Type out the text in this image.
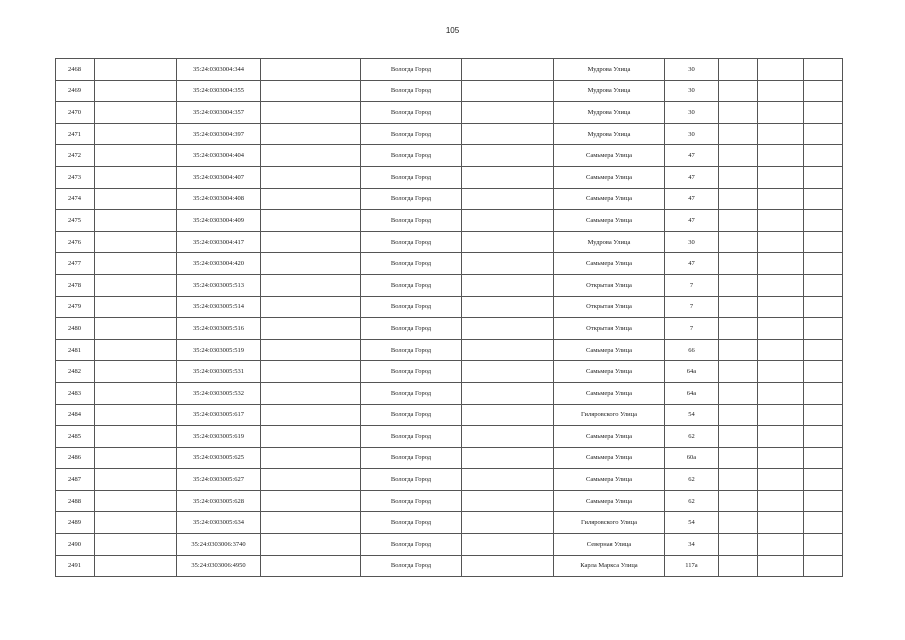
105
2468		35:24:0303004:344		Вологда Город		Мудрова Улица	30			
2469		35:24:0303004:355		Вологда Город		Мудрова Улица	30			
2470		35:24:0303004:357		Вологда Город		Мудрова Улица	30			
2471		35:24:0303004:397		Вологда Город		Мудрова Улица	30			
2472		35:24:0303004:404		Вологда Город		Самьмера Улица	47			
2473		35:24:0303004:407		Вологда Город		Самьмера Улица	47			
2474		35:24:0303004:408		Вологда Город		Самьмера Улица	47			
2475		35:24:0303004:409		Вологда Город		Самьмера Улица	47			
2476		35:24:0303004:417		Вологда Город		Мудрова Улица	30			
2477		35:24:0303004:420		Вологда Город		Самьмера Улица	47			
2478		35:24:0303005:513		Вологда Город		Открытая Улица	7			
2479		35:24:0303005:514		Вологда Город		Открытая Улица	7			
2480		35:24:0303005:516		Вологда Город		Открытая Улица	7			
2481		35:24:0303005:519		Вологда Город		Самьмера Улица	66			
2482		35:24:0303005:531		Вологда Город		Самьмера Улица	64а			
2483		35:24:0303005:532		Вологда Город		Самьмера Улица	64а			
2484		35:24:0303005:617		Вологда Город		Гиляровского Улица	54			
2485		35:24:0303005:619		Вологда Город		Самьмера Улица	62			
2486		35:24:0303005:625		Вологда Город		Самьмера Улица	60а			
2487		35:24:0303005:627		Вологда Город		Самьмера Улица	62			
2488		35:24:0303005:628		Вологда Город		Самьмера Улица	62			
2489		35:24:0303005:634		Вологда Город		Гиляровского Улица	54			
2490		35:24:0303006:3740		Вологда Город		Северная Улица	34			
2491		35:24:0303006:4950		Вологда Город		Карла Маркса Улица	117а			
